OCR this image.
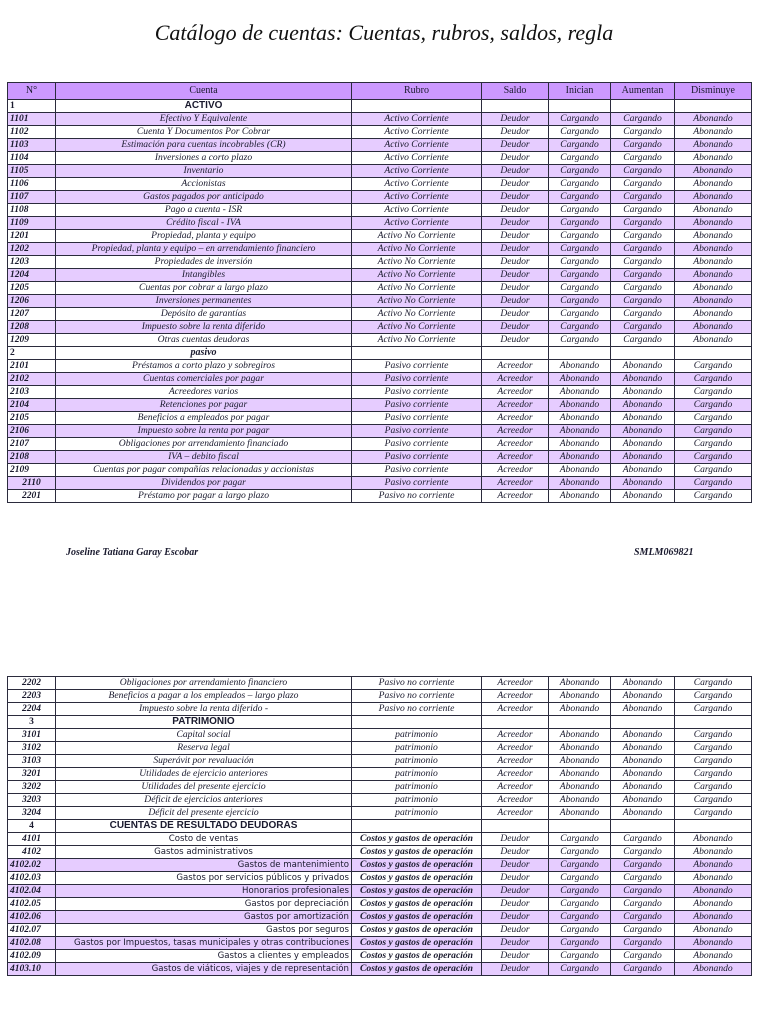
Catálogo de cuentas: Cuentas, rubros, saldos, regla
N°	Cuenta	Rubro	Saldo	Inician	Aumentan	Disminuye
1	ACTIVO					
1101	Efectivo Y Equivalente	Activo Corriente	Deudor	Cargando	Cargando	Abonando
1102	Cuenta Y Documentos Por Cobrar	Activo Corriente	Deudor	Cargando	Cargando	Abonando
1103	Estimación para cuentas incobrables (CR)	Activo Corriente	Deudor	Cargando	Cargando	Abonando
1104	Inversiones a corto plazo	Activo Corriente	Deudor	Cargando	Cargando	Abonando
1105	Inventario	Activo Corriente	Deudor	Cargando	Cargando	Abonando
1106	Accionistas	Activo Corriente	Deudor	Cargando	Cargando	Abonando
1107	Gastos pagados por anticipado	Activo Corriente	Deudor	Cargando	Cargando	Abonando
1108	Pago a cuenta - ISR	Activo Corriente	Deudor	Cargando	Cargando	Abonando
1109	Crédito fiscal - IVA	Activo Corriente	Deudor	Cargando	Cargando	Abonando
1201	Propiedad, planta y equipo	Activo No Corriente	Deudor	Cargando	Cargando	Abonando
1202	Propiedad, planta y equipo – en arrendamiento financiero	Activo No Corriente	Deudor	Cargando	Cargando	Abonando
1203	Propiedades de inversión	Activo No Corriente	Deudor	Cargando	Cargando	Abonando
1204	Intangibles	Activo No Corriente	Deudor	Cargando	Cargando	Abonando
1205	Cuentas por cobrar a largo plazo	Activo No Corriente	Deudor	Cargando	Cargando	Abonando
1206	Inversiones permanentes	Activo No Corriente	Deudor	Cargando	Cargando	Abonando
1207	Depósito de garantías	Activo No Corriente	Deudor	Cargando	Cargando	Abonando
1208	Impuesto sobre la renta diferido	Activo No Corriente	Deudor	Cargando	Cargando	Abonando
1209	Otras cuentas deudoras	Activo No Corriente	Deudor	Cargando	Cargando	Abonando
2	pasivo					
2101	Préstamos a corto plazo y sobregiros	Pasivo corriente	Acreedor	Abonando	Abonando	Cargando
2102	Cuentas comerciales por pagar	Pasivo corriente	Acreedor	Abonando	Abonando	Cargando
2103	Acreedores varios	Pasivo corriente	Acreedor	Abonando	Abonando	Cargando
2104	Retenciones por pagar	Pasivo corriente	Acreedor	Abonando	Abonando	Cargando
2105	Beneficios a empleados por pagar	Pasivo corriente	Acreedor	Abonando	Abonando	Cargando
2106	Impuesto sobre la renta por pagar	Pasivo corriente	Acreedor	Abonando	Abonando	Cargando
2107	Obligaciones por arrendamiento financiado	Pasivo corriente	Acreedor	Abonando	Abonando	Cargando
2108	IVA – debito fiscal	Pasivo corriente	Acreedor	Abonando	Abonando	Cargando
2109	Cuentas por pagar compañías relacionadas y accionistas	Pasivo corriente	Acreedor	Abonando	Abonando	Cargando
2110	Dividendos por pagar	Pasivo corriente	Acreedor	Abonando	Abonando	Cargando
2201	Préstamo por pagar a largo plazo	Pasivo no corriente	Acreedor	Abonando	Abonando	Cargando
Joseline Tatiana Garay Escobar	SMLM069821
2202	Obligaciones por arrendamiento financiero	Pasivo no corriente	Acreedor	Abonando	Abonando	Cargando
2203	Beneficios a pagar a los empleados – largo plazo	Pasivo no corriente	Acreedor	Abonando	Abonando	Cargando
2204	Impuesto sobre la renta diferido -	Pasivo no corriente	Acreedor	Abonando	Abonando	Cargando
3	PATRIMONIO					
3101	Capital social	patrimonio	Acreedor	Abonando	Abonando	Cargando
3102	Reserva legal	patrimonio	Acreedor	Abonando	Abonando	Cargando
3103	Superávit por revaluación	patrimonio	Acreedor	Abonando	Abonando	Cargando
3201	Utilidades de ejercicio anteriores	patrimonio	Acreedor	Abonando	Abonando	Cargando
3202	Utilidades del presente ejercicio	patrimonio	Acreedor	Abonando	Abonando	Cargando
3203	Déficit de ejercicios anteriores	patrimonio	Acreedor	Abonando	Abonando	Cargando
3204	Déficit del presente ejercicio	patrimonio	Acreedor	Abonando	Abonando	Cargando
4	CUENTAS DE RESULTADO DEUDORAS					
4101	Costo de ventas	Costos y gastos de operación	Deudor	Cargando	Cargando	Abonando
4102	Gastos administrativos	Costos y gastos de operación	Deudor	Cargando	Cargando	Abonando
4102.02	Gastos de mantenimiento	Costos y gastos de operación	Deudor	Cargando	Cargando	Abonando
4102.03	Gastos por servicios públicos y privados	Costos y gastos de operación	Deudor	Cargando	Cargando	Abonando
4102.04	Honorarios profesionales	Costos y gastos de operación	Deudor	Cargando	Cargando	Abonando
4102.05	Gastos por depreciación	Costos y gastos de operación	Deudor	Cargando	Cargando	Abonando
4102.06	Gastos por amortización	Costos y gastos de operación	Deudor	Cargando	Cargando	Abonando
4102.07	Gastos por seguros	Costos y gastos de operación	Deudor	Cargando	Cargando	Abonando
4102.08	Gastos por Impuestos, tasas municipales y otras contribuciones	Costos y gastos de operación	Deudor	Cargando	Cargando	Abonando
4102.09	Gastos a clientes y empleados	Costos y gastos de operación	Deudor	Cargando	Cargando	Abonando
4103.10	Gastos de viáticos, viajes y de representación	Costos y gastos de operación	Deudor	Cargando	Cargando	Abonando
